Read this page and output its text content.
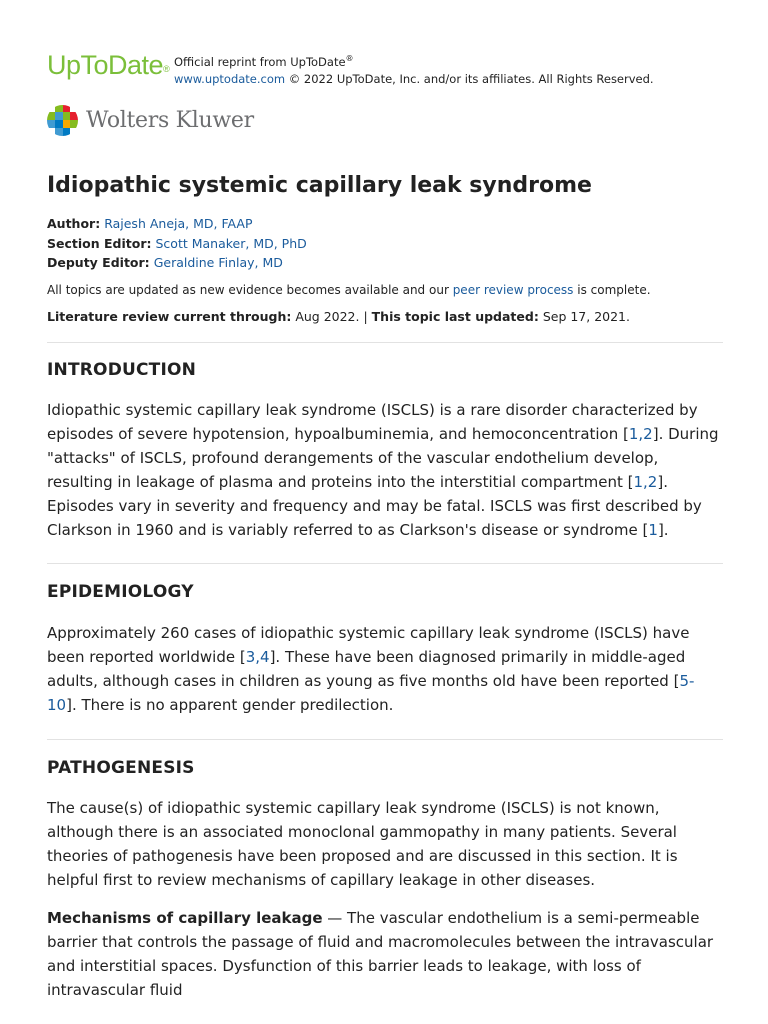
UpToDate®
Official reprint from UpToDate®
www.uptodate.com © 2022 UpToDate, Inc. and/or its affiliates. All Rights Reserved.
Wolters Kluwer
Idiopathic systemic capillary leak syndrome
Author: Rajesh Aneja, MD, FAAP
Section Editor: Scott Manaker, MD, PhD
Deputy Editor: Geraldine Finlay, MD
All topics are updated as new evidence becomes available and our peer review process is complete.
Literature review current through: Aug 2022. | This topic last updated: Sep 17, 2021.
INTRODUCTION

Idiopathic systemic capillary leak syndrome (ISCLS) is a rare disorder characterized by episodes of severe hypotension, hypoalbuminemia, and hemoconcentration [1,2]. During "attacks" of ISCLS, profound derangements of the vascular endothelium develop, resulting in leakage of plasma and proteins into the interstitial compartment [1,2]. Episodes vary in severity and frequency and may be fatal. ISCLS was first described by Clarkson in 1960 and is variably referred to as Clarkson's disease or syndrome [1].

EPIDEMIOLOGY

Approximately 260 cases of idiopathic systemic capillary leak syndrome (ISCLS) have been reported worldwide [3,4]. These have been diagnosed primarily in middle-aged adults, although cases in children as young as five months old have been reported [5-10]. There is no apparent gender predilection.

PATHOGENESIS

The cause(s) of idiopathic systemic capillary leak syndrome (ISCLS) is not known, although there is an associated monoclonal gammopathy in many patients. Several theories of pathogenesis have been proposed and are discussed in this section. It is helpful first to review mechanisms of capillary leakage in other diseases.

Mechanisms of capillary leakage — The vascular endothelium is a semi-permeable barrier that controls the passage of fluid and macromolecules between the intravascular and interstitial spaces. Dysfunction of this barrier leads to leakage, with loss of intravascular fluid
